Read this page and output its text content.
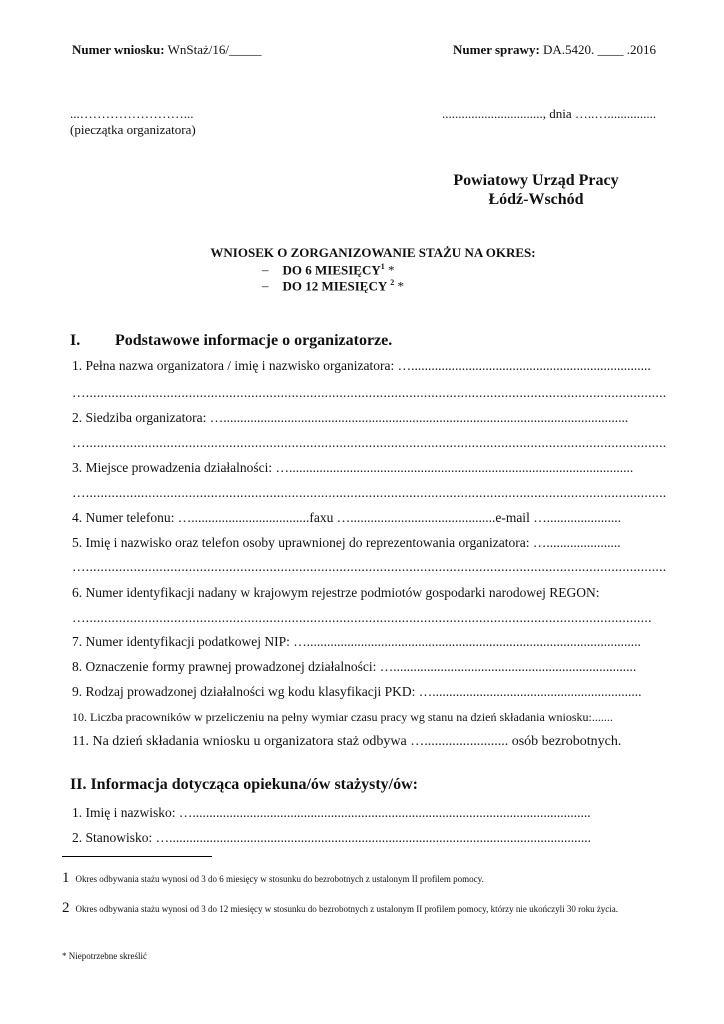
Numer wniosku: WnStaż/16/_____	Numer sprawy: DA.5420. ____ .2016
...……………………...
(pieczątka organizatora)
..............................., dnia …..…...............
Powiatowy Urząd Pracy
Łódź-Wschód
WNIOSEK O ZORGANIZOWANIE STAŻU NA OKRES:
– DO 6 MIESIĘCY$^1$ *
– DO 12 MIESIĘCY $^2$ *
I. Podstawowe informacje o organizatorze.
1. Pełna nazwa organizatora / imię i nazwisko organizatora: ….......................................................................
…..............................................................................................................................................................
2. Siedziba organizatora: …........................................................................................................................
…..............................................................................................................................................................
3. Miejsce prowadzenia działalności: …......................................................................................................
…..............................................................................................................................................................
4. Numer telefonu: …...................................faxu …...........................................e-mail …......................
5. Imię i nazwisko oraz telefon osoby uprawnionej do reprezentowania organizatora: …......................
…..............................................................................................................................................................
6. Numer identyfikacji nadany w krajowym rejestrze podmiotów gospodarki narodowej REGON:
…..........................................................................................................................................................
7. Numer identyfikacji podatkowej NIP: …...................................................................................................
8. Oznaczenie formy prawnej prowadzonej działalności: …........................................................................
9. Rodzaj prowadzonej działalności wg kodu klasyfikacji PKD: …..............................................................
10. Liczba pracowników w przeliczeniu na pełny wymiar czasu pracy wg stanu na dzień składania wniosku:.......
11. Na dzień składania wniosku u organizatora staż odbywa …........................ osób bezrobotnych.
II. Informacja dotycząca opiekuna/ów stażysty/ów:
1. Imię i nazwisko: …......................................................................................................................
2. Stanowisko: ….............................................................................................................................
1 Okres odbywania stażu wynosi od 3 do 6 miesięcy w stosunku do bezrobotnych z ustalonym II profilem pomocy.
2 Okres odbywania stażu wynosi od 3 do 12 miesięcy w stosunku do bezrobotnych z ustalonym II profilem pomocy, którzy nie ukończyli 30 roku życia.
* Niepotrzebne skreślić
